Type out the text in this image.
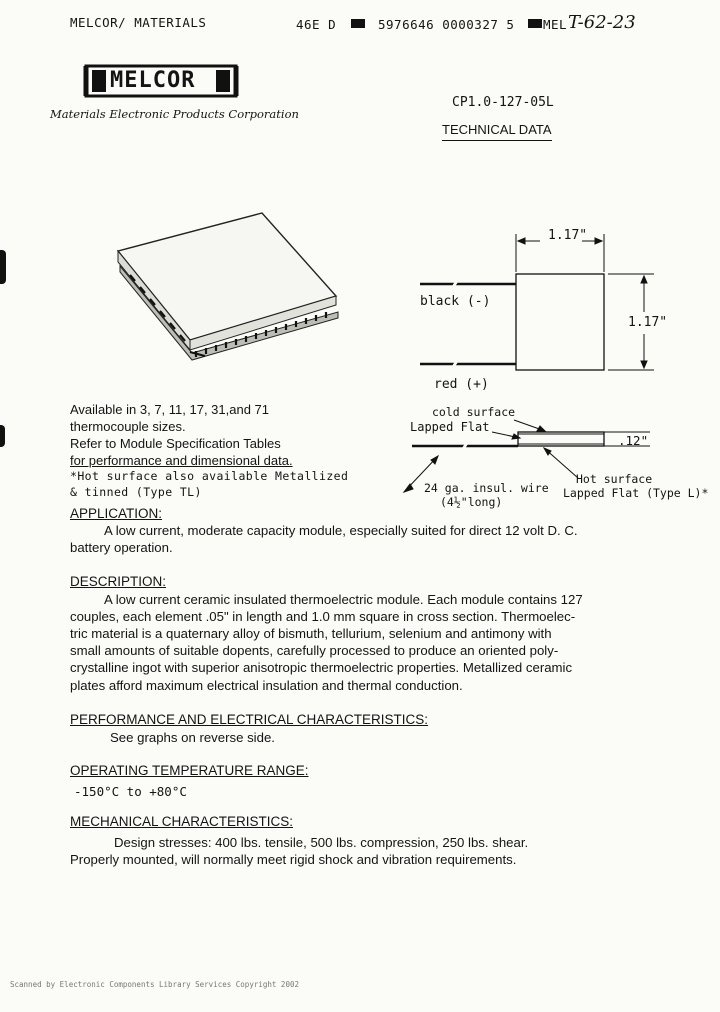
MELCOR/ MATERIALS	46E D	5976646 0000327 5 MEL T-62-23
MELCOR
Materials Electronic Products Corporation
CP1.0-127-05L
TECHNICAL DATA
1.17"
1.17"
black (-)
red (+)
cold surface
Lapped Flat
.12"
Hot surface
Lapped Flat (Type L)*
24 ga. insul. wire
(4½"long)
Available in 3, 7, 11, 17, 31,and 71
thermocouple sizes.
Refer to Module Specification Tables
for performance and dimensional data.
*Hot surface also available Metallized
& tinned (Type TL)
APPLICATION:
A low current, moderate capacity module, especially suited for direct 12 volt D. C.
battery operation.
DESCRIPTION:
A low current ceramic insulated thermoelectric module. Each module contains 127
couples, each element .05" in length and 1.0 mm square in cross section. Thermoelec-
tric material is a quaternary alloy of bismuth, tellurium, selenium and antimony with
small amounts of suitable dopents, carefully processed to produce an oriented poly-
crystalline ingot with superior anisotropic thermoelectric properties. Metallized ceramic
plates afford maximum electrical insulation and thermal conduction.
PERFORMANCE AND ELECTRICAL CHARACTERISTICS:
See graphs on reverse side.
OPERATING TEMPERATURE RANGE:
-150°C to +80°C
MECHANICAL CHARACTERISTICS:
Design stresses: 400 lbs. tensile, 500 lbs. compression, 250 lbs. shear.
Properly mounted, will normally meet rigid shock and vibration requirements.
Scanned by Electronic Components Library Services Copyright 2002
